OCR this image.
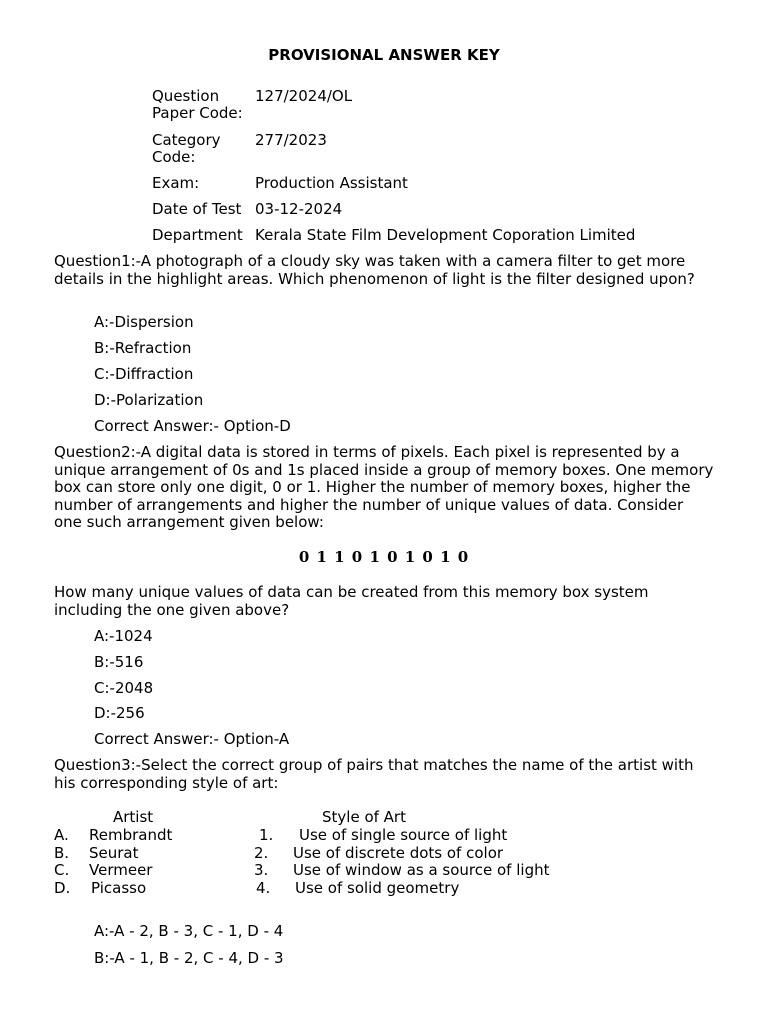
PROVISIONAL ANSWER KEY
Question Paper Code:
127/2024/OL
Category Code:
277/2023
Exam:	Production Assistant
Date of Test 03-12-2024
Department Kerala State Film Development Coporation Limited
Question1:-A photograph of a cloudy sky was taken with a camera filter to get more details in the highlight areas. Which phenomenon of light is the filter designed upon?
A:-Dispersion
B:-Refraction
C:-Diffraction
D:-Polarization
Correct Answer:- Option-D
Question2:-A digital data is stored in terms of pixels. Each pixel is represented by a unique arrangement of 0s and 1s placed inside a group of memory boxes. One memory box can store only one digit, 0 or 1. Higher the number of memory boxes, higher the number of arrangements and higher the number of unique values of data. Consider one such arrangement given below:
0 1 1 0 1 0 1 0 1 0
How many unique values of data can be created from this memory box system including the one given above?
A:-1024
B:-516
C:-2048
D:-256
Correct Answer:- Option-A
Question3:-Select the correct group of pairs that matches the name of the artist with his corresponding style of art:
Artist	Style of Art
A. Rembrandt	1. Use of single source of light
B. Seurat	2. Use of discrete dots of color
C. Vermeer	3. Use of window as a source of light
D. Picasso	4. Use of solid geometry
A:-A - 2, B - 3, C - 1, D - 4
B:-A - 1, B - 2, C - 4, D - 3
